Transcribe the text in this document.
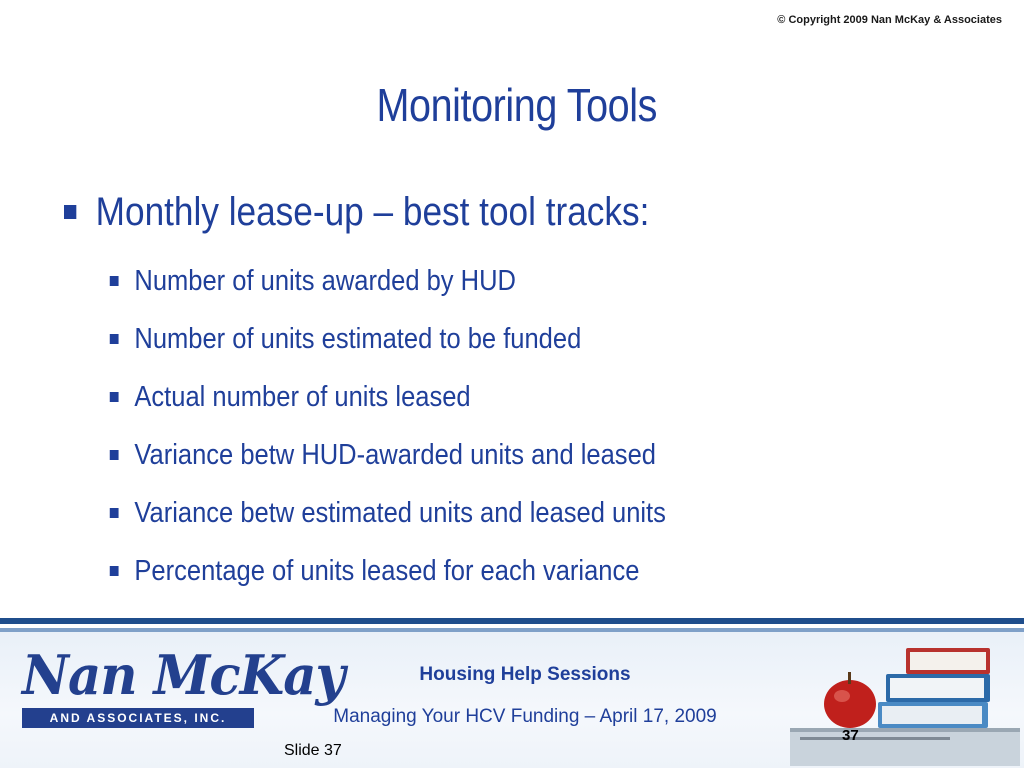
© Copyright 2009 Nan McKay & Associates
Monitoring Tools
Monthly lease-up – best tool tracks:
Number of units awarded by HUD
Number of units estimated to be funded
Actual number of units leased
Variance betw HUD-awarded units and leased
Variance betw estimated units and leased units
Percentage of units leased for each variance
Nan McKay
AND ASSOCIATES, INC.
Housing Help Sessions
Managing Your HCV Funding – April 17, 2009
Slide 37
37
